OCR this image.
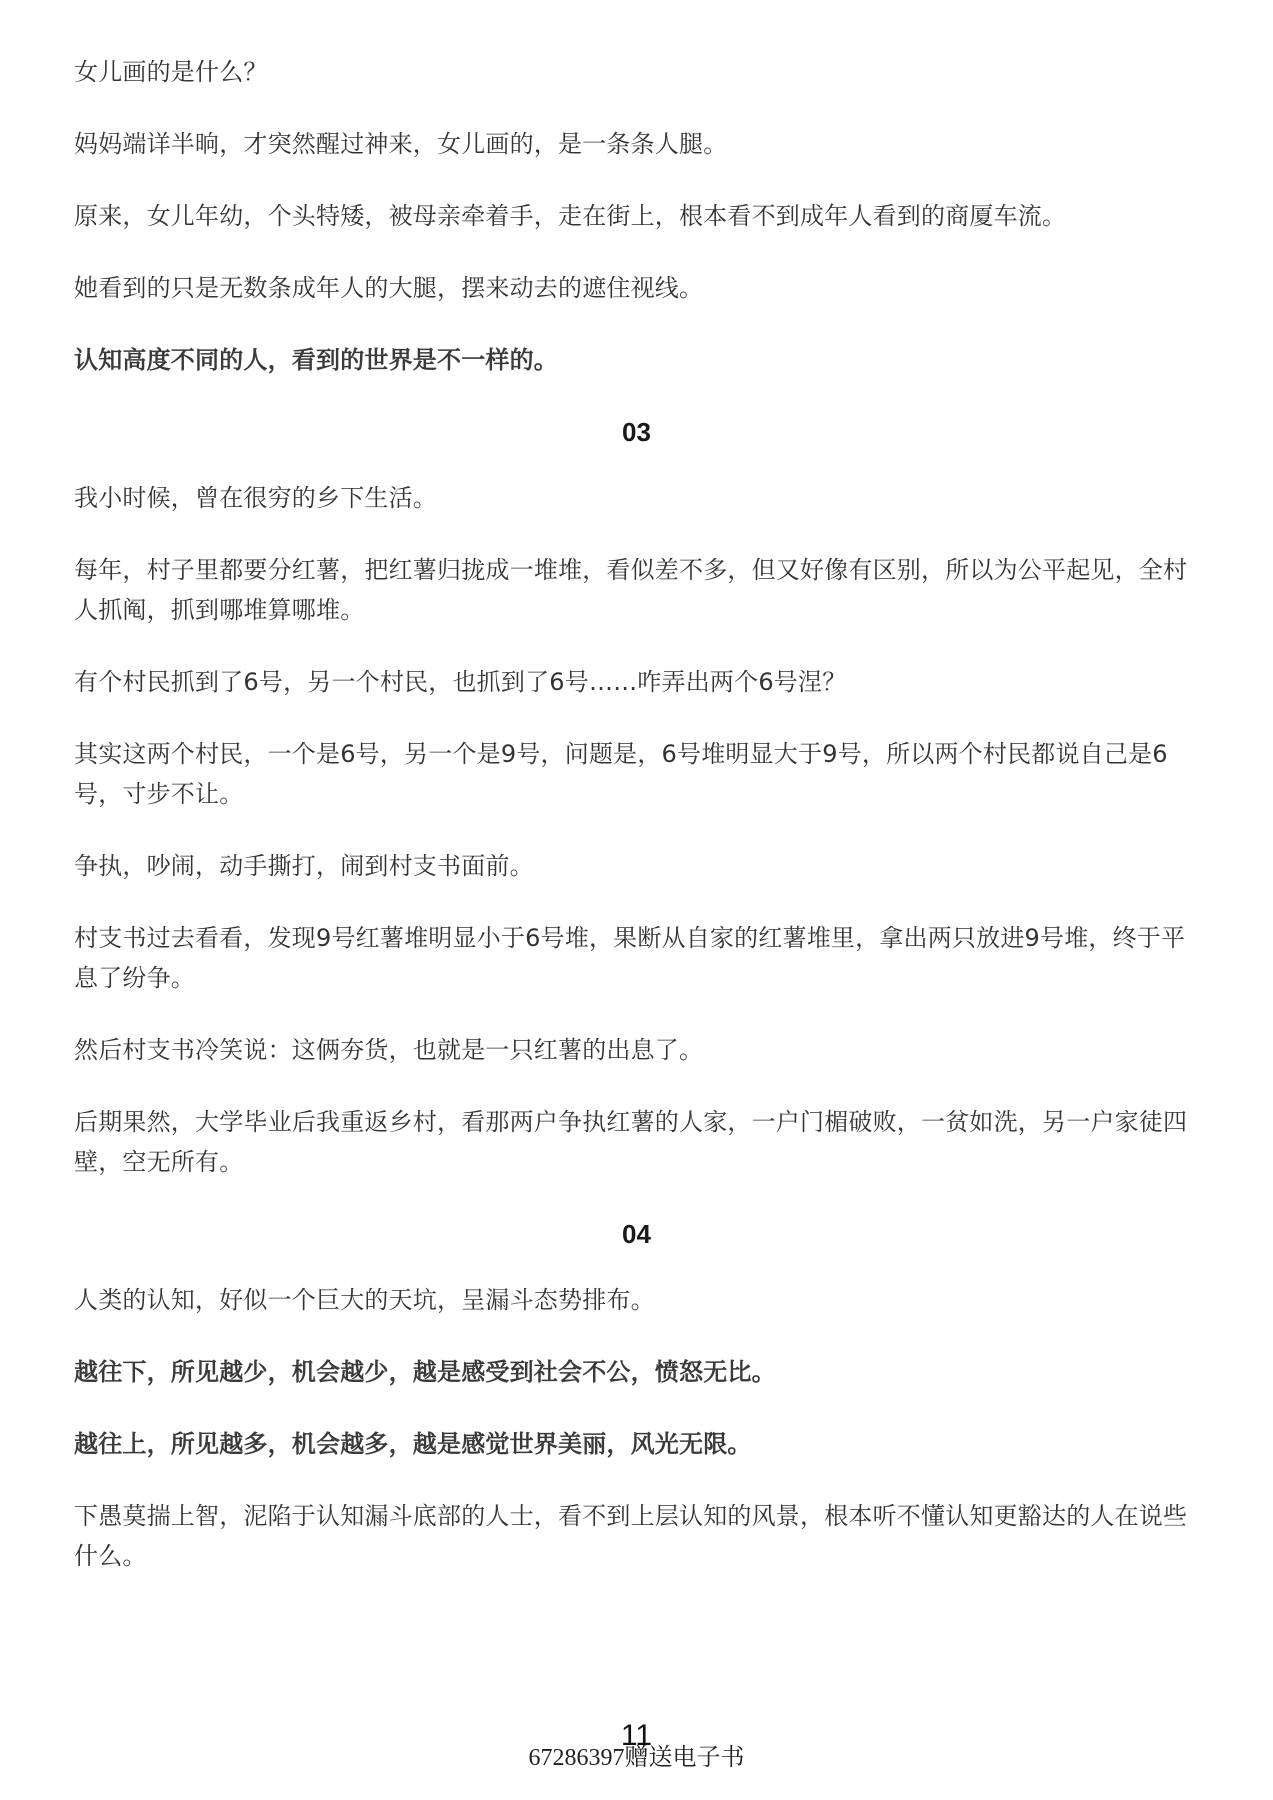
女儿画的是什么？

妈妈端详半晌，才突然醒过神来，女儿画的，是一条条人腿。

原来，女儿年幼，个头特矮，被母亲牵着手，走在街上，根本看不到成年人看到的商厦车流。

她看到的只是无数条成年人的大腿，摆来动去的遮住视线。

认知高度不同的人，看到的世界是不一样的。

03

我小时候，曾在很穷的乡下生活。

每年，村子里都要分红薯，把红薯归拢成一堆堆，看似差不多，但又好像有区别，所以为公平起见，全村人抓阄，抓到哪堆算哪堆。

有个村民抓到了6号，另一个村民，也抓到了6号……咋弄出两个6号涅？

其实这两个村民，一个是6号，另一个是9号，问题是，6号堆明显大于9号，所以两个村民都说自己是6号，寸步不让。

争执，吵闹，动手撕打，闹到村支书面前。

村支书过去看看，发现9号红薯堆明显小于6号堆，果断从自家的红薯堆里，拿出两只放进9号堆，终于平息了纷争。

然后村支书冷笑说：这俩夯货，也就是一只红薯的出息了。

后期果然，大学毕业后我重返乡村，看那两户争执红薯的人家，一户门楣破败，一贫如洗，另一户家徒四壁，空无所有。

04

人类的认知，好似一个巨大的天坑，呈漏斗态势排布。

越往下，所见越少，机会越少，越是感受到社会不公，愤怒无比。

越往上，所见越多，机会越多，越是感觉世界美丽，风光无限。

下愚莫揣上智，泥陷于认知漏斗底部的人士，看不到上层认知的风景，根本听不懂认知更豁达的人在说些什么。

11
67286397赠送电子书
